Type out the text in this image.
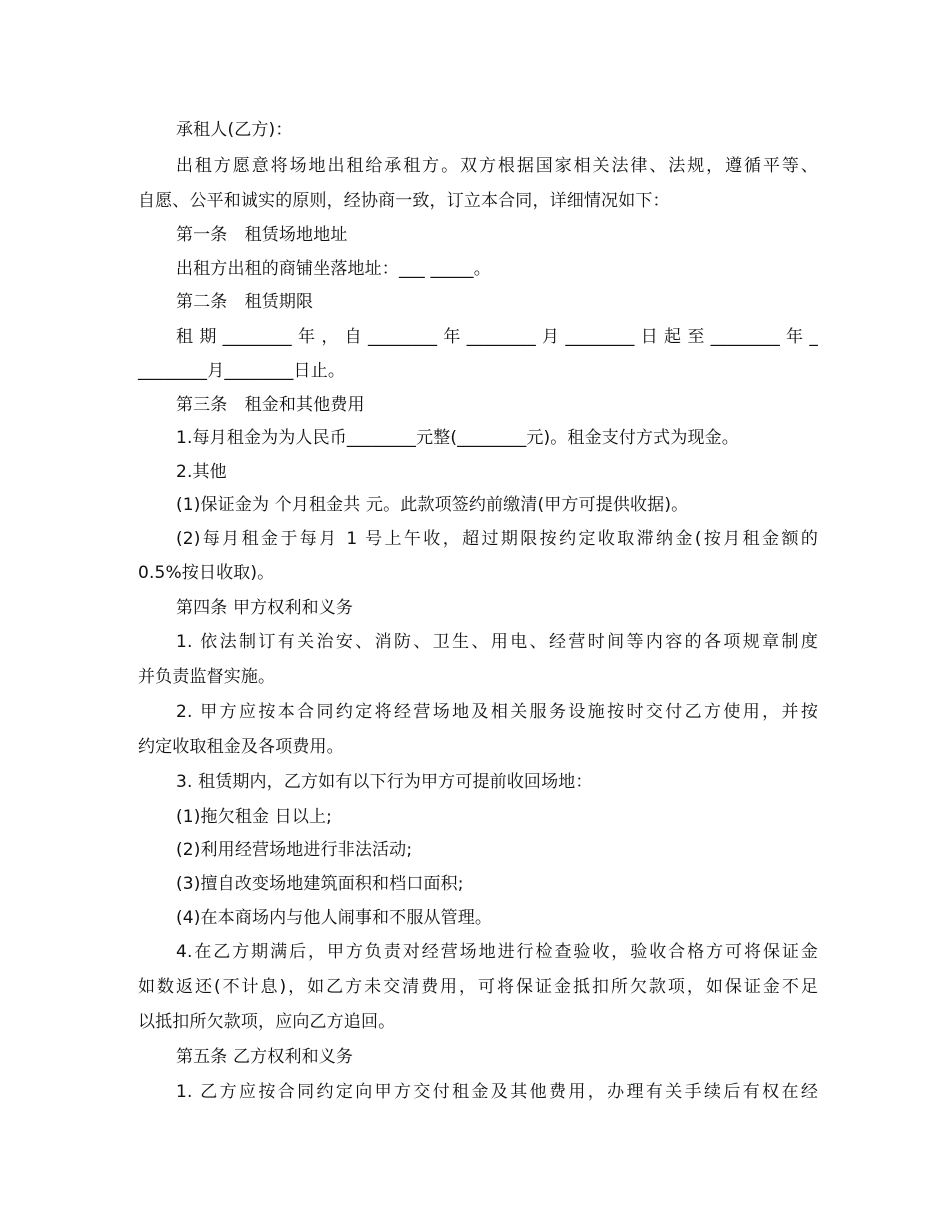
承租人(乙方)：
出租方愿意将场地出租给承租方。双方根据国家相关法律、法规，遵循平等、
自愿、公平和诚实的原则，经协商一致，订立本合同，详细情况如下：
第一条　租赁场地地址
出租方出租的商铺坐落地址：___ _____。
第二条　租赁期限
租期________年，自________年________月________日起至________年_
________月________日止。
第三条　租金和其他费用
1.每月租金为为人民币________元整(________元)。租金支付方式为现金。
2.其他
(1)保证金为 个月租金共 元。此款项签约前缴清(甲方可提供收据)。
(2)每月租金于每月 1 号上午收，超过期限按约定收取滞纳金(按月租金额的
0.5%按日收取)。
第四条 甲方权利和义务
1. 依法制订有关治安、消防、卫生、用电、经营时间等内容的各项规章制度
并负责监督实施。
2. 甲方应按本合同约定将经营场地及相关服务设施按时交付乙方使用，并按
约定收取租金及各项费用。
3. 租赁期内，乙方如有以下行为甲方可提前收回场地：
(1)拖欠租金 日以上;
(2)利用经营场地进行非法活动;
(3)擅自改变场地建筑面积和档口面积;
(4)在本商场内与他人闹事和不服从管理。
4.在乙方期满后，甲方负责对经营场地进行检查验收，验收合格方可将保证金
如数返还(不计息)，如乙方未交清费用，可将保证金抵扣所欠款项，如保证金不足
以抵扣所欠款项，应向乙方追回。
第五条 乙方权利和义务
1. 乙方应按合同约定向甲方交付租金及其他费用，办理有关手续后有权在经
